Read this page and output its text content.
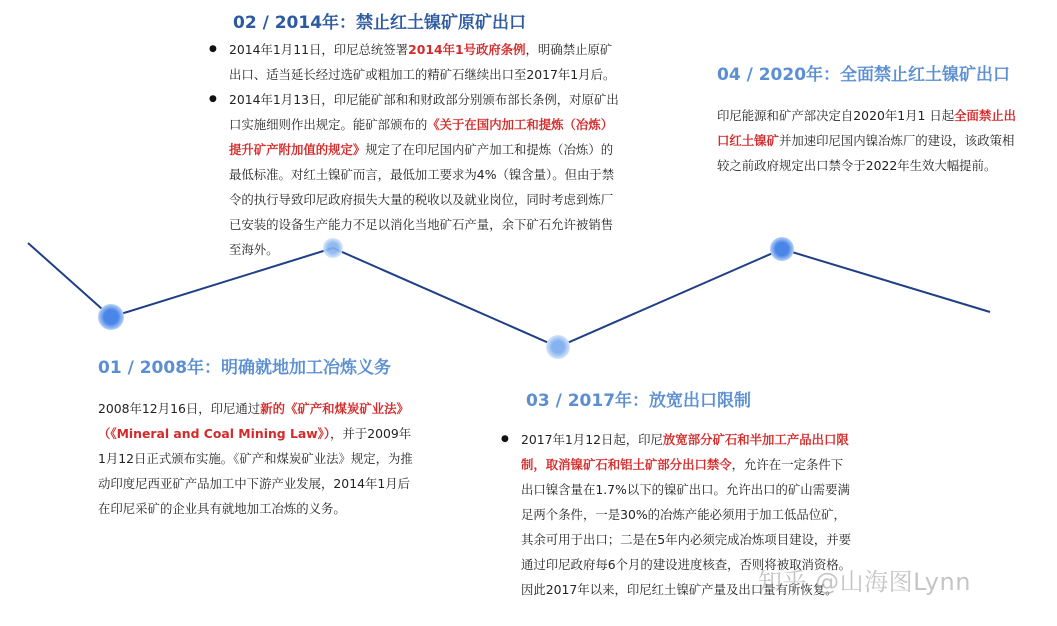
02 / 2014年：禁止红土镍矿原矿出口
● 2014年1月11日，印尼总统签署2014年1号政府条例，明确禁止原矿出口、适当延长经过选矿或粗加工的精矿石继续出口至2017年1月后。
● 2014年1月13日，印尼能矿部和和财政部分别颁布部长条例，对原矿出口实施细则作出规定。能矿部颁布的《关于在国内加工和提炼（冶炼）提升矿产附加值的规定》规定了在印尼国内矿产加工和提炼（冶炼）的最低标准。对红土镍矿而言，最低加工要求为4%（镍含量）。但由于禁令的执行导致印尼政府损失大量的税收以及就业岗位，同时考虑到炼厂已安装的设备生产能力不足以消化当地矿石产量，余下矿石允许被销售至海外。
04 / 2020年：全面禁止红土镍矿出口

印尼能源和矿产部决定自2020年1月1 日起全面禁止出口红土镍矿并加速印尼国内镍冶炼厂的建设，该政策相较之前政府规定出口禁令于2022年生效大幅提前。

01 / 2008年：明确就地加工冶炼义务

2008年12月16日，印尼通过新的《矿产和煤炭矿业法》（《Mineral and Coal Mining Law》），并于2009年1月12日正式颁布实施。《矿产和煤炭矿业法》规定，为推动印度尼西亚矿产品加工中下游产业发展，2014年1月后在印尼采矿的企业具有就地加工冶炼的义务。

03 / 2017年：放宽出口限制
● 2017年1月12日起，印尼放宽部分矿石和半加工产品出口限制，取消镍矿石和铝土矿部分出口禁令，允许在一定条件下出口镍含量在1.7%以下的镍矿出口。允许出口的矿山需要满足两个条件，一是30%的冶炼产能必须用于加工低品位矿，其余可用于出口；二是在5年内必须完成冶炼项目建设，并要通过印尼政府每6个月的建设进度核查，否则将被取消资格。因此2017年以来，印尼红土镍矿产量及出口量有所恢复。
知乎 @山海图Lynn
